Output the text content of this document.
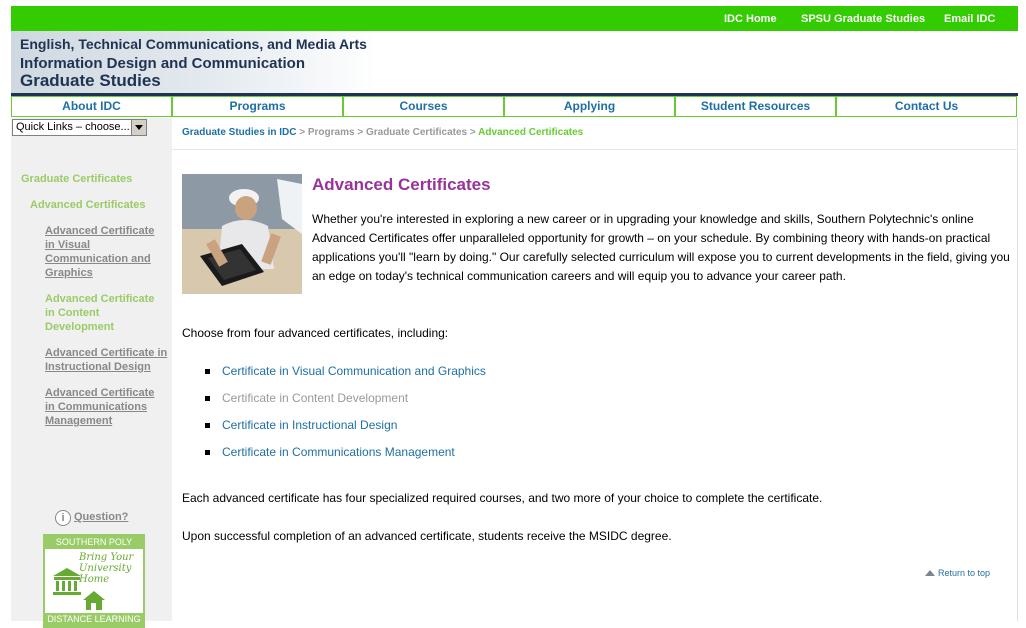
IDC Home SPSU Graduate Studies Email IDC
English, Technical Communications, and Media Arts
Information Design and Communication
Graduate Studies
About IDC	Programs	Courses	Applying	Student Resources	Contact Us
Quick Links – choose...
Graduate Certificates
Advanced Certificates
Advanced Certificate in Visual Communication and Graphics
Advanced Certificate in Content Development
Advanced Certificate in Instructional Design
Advanced Certificate in Communications Management
i Question?
SOUTHERN POLY
Bring Your University Home
DISTANCE LEARNING
Graduate Studies in IDC > Programs > Graduate Certificates > Advanced Certificates
Advanced Certificates

Whether you're interested in exploring a new career or in upgrading your knowledge and skills, Southern Polytechnic's online Advanced Certificates offer unparalleled opportunity for growth – on your schedule. By combining theory with hands-on practical applications you'll "learn by doing." Our carefully selected curriculum will expose you to current developments in the field, giving you an edge on today's technical communication careers and will equip you to advance your career path.

Choose from four advanced certificates, including:

Certificate in Visual Communication and Graphics
Certificate in Content Development
Certificate in Instructional Design
Certificate in Communications Management

Each advanced certificate has four specialized required courses, and two more of your choice to complete the certificate.

Upon successful completion of an advanced certificate, students receive the MSIDC degree.

Return to top
